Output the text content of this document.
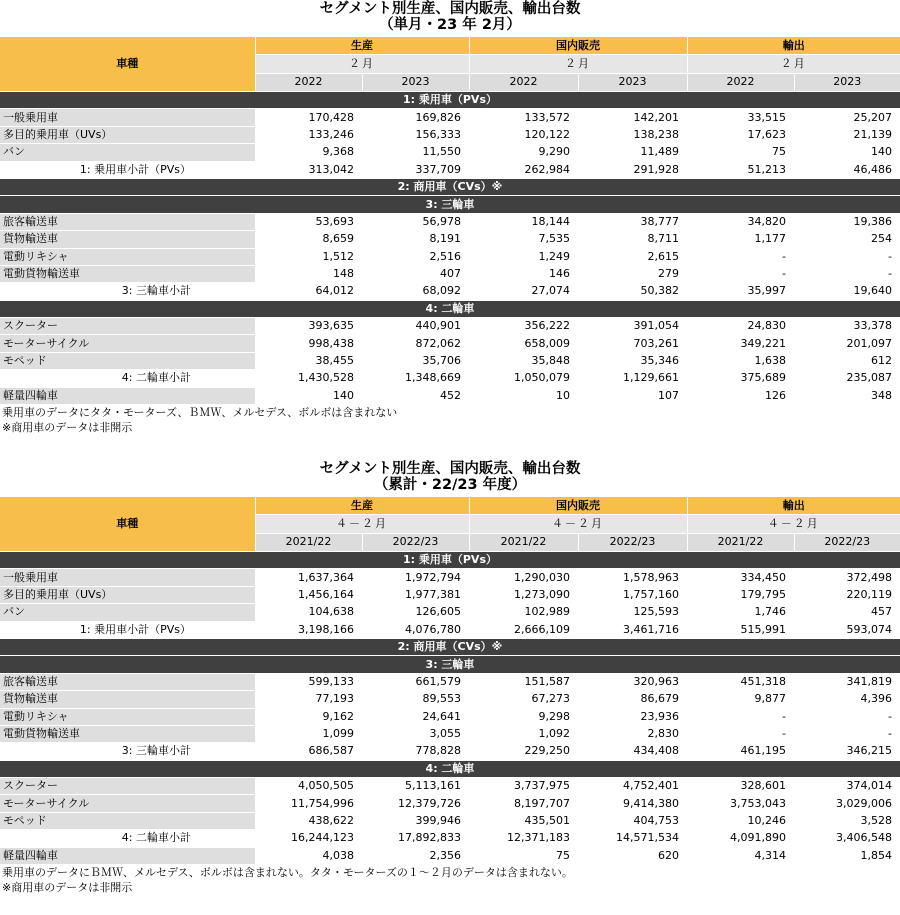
セグメント別生産、国内販売、輸出台数
（単月・23 年 2月）
車種	生産		国内販売		輸出	
	２月		２月		２月	
	2022	2023	2022	2023	2022	2023
1: 乗用車（PVs）						
一般乗用車	170,428	169,826	133,572	142,201	33,515	25,207
多目的乗用車（UVs）	133,246	156,333	120,122	138,238	17,623	21,139
バン	9,368	11,550	9,290	11,489	75	140
1: 乗用車小計（PVs）	313,042	337,709	262,984	291,928	51,213	46,486
2: 商用車（CVs）※						
3: 三輪車						
旅客輸送車	53,693	56,978	18,144	38,777	34,820	19,386
貨物輸送車	8,659	8,191	7,535	8,711	1,177	254
電動リキシャ	1,512	2,516	1,249	2,615	-	-
電動貨物輸送車	148	407	146	279	-	-
3: 三輪車小計	64,012	68,092	27,074	50,382	35,997	19,640
4: 二輪車						
スクーター	393,635	440,901	356,222	391,054	24,830	33,378
モーターサイクル	998,438	872,062	658,009	703,261	349,221	201,097
モペッド	38,455	35,706	35,848	35,346	1,638	612
4: 二輪車小計	1,430,528	1,348,669	1,050,079	1,129,661	375,689	235,087
軽量四輪車	140	452	10	107	126	348
乗用車のデータにタタ・モーターズ、ＢＭＷ、メルセデス、ボルボは含まれない
※商用車のデータは非開示
セグメント別生産、国内販売、輸出台数
（累計・22/23 年度）
車種	生産		国内販売		輸出	
	４－２月		４－２月		４－２月	
	2021/22	2022/23	2021/22	2022/23	2021/22	2022/23
1: 乗用車（PVs）						
一般乗用車	1,637,364	1,972,794	1,290,030	1,578,963	334,450	372,498
多目的乗用車（UVs）	1,456,164	1,977,381	1,273,090	1,757,160	179,795	220,119
バン	104,638	126,605	102,989	125,593	1,746	457
1: 乗用車小計（PVs）	3,198,166	4,076,780	2,666,109	3,461,716	515,991	593,074
2: 商用車（CVs）※						
3: 三輪車						
旅客輸送車	599,133	661,579	151,587	320,963	451,318	341,819
貨物輸送車	77,193	89,553	67,273	86,679	9,877	4,396
電動リキシャ	9,162	24,641	9,298	23,936	-	-
電動貨物輸送車	1,099	3,055	1,092	2,830	-	-
3: 三輪車小計	686,587	778,828	229,250	434,408	461,195	346,215
4: 二輪車						
スクーター	4,050,505	5,113,161	3,737,975	4,752,401	328,601	374,014
モーターサイクル	11,754,996	12,379,726	8,197,707	9,414,380	3,753,043	3,029,006
モペッド	438,622	399,946	435,501	404,753	10,246	3,528
4: 二輪車小計	16,244,123	17,892,833	12,371,183	14,571,534	4,091,890	3,406,548
軽量四輪車	4,038	2,356	75	620	4,314	1,854
乗用車のデータにＢＭＷ、メルセデス、ボルボは含まれない。タタ・モーターズの１～２月のデータは含まれない。
※商用車のデータは非開示
